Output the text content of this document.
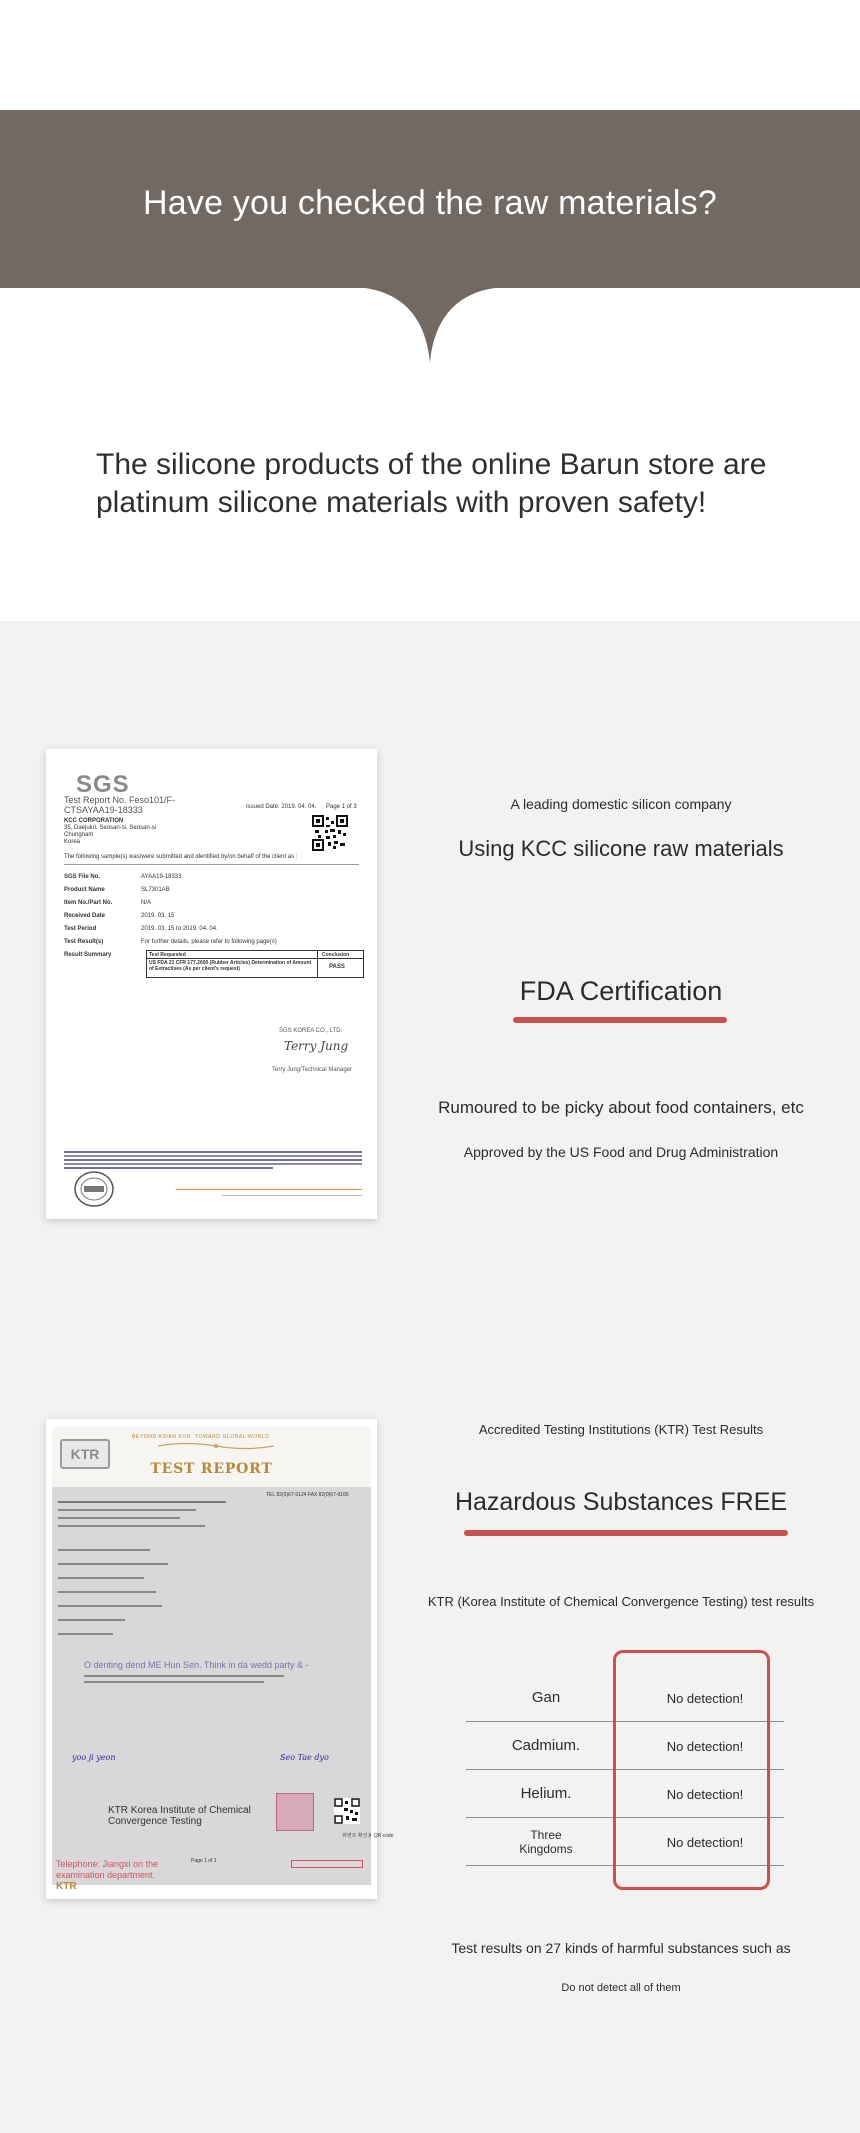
Have you checked the raw materials?

The silicone products of the online Barun store are platinum silicone materials with proven safety!

SGS
Test Report No. Feso101/F-CTSAYAA19-18333	Issued Date: 2019. 04. 04. Page 1 of 3
KCC CORPORATION
35, Daejukri, Seosan-si, Seosan-si
Chungnam
Korea
The following sample(s) was/were submitted and identified by/on behalf of the client as :
SGS File No.	AYAA19-18333
Product Name	SL7301AB
Item No./Part No.	N/A
Received Date	2019. 03. 15
Test Period	2019. 03. 15 to 2019. 04. 04.
Test Result(s)	For further details, please refer to following page(s)
Result Summary	Test Requested	Conclusion
US FDA 21 CFR 177.2600 (Rubber Articles) Determination of Amount of Extractives (As per client's request)	PASS
SGS KOREA CO., LTD.
Terry Jung
Terry Jung/Technical Manager
A leading domestic silicon company
Using KCC silicone raw materials
FDA Certification
Rumoured to be picky about food containers, etc
Approved by the US Food and Drug Administration
KTR
BEYOND ASIAN KOR. TOWARD GLOBAL WORLD
TEST REPORT
TEL 82(0)67-9124 FAX 82(0)67-9166
O denting dend ME Hun Sen. Think in da wedd party & -
yoo ji yeon	Seo Tae dyo
KTR Korea Institute of Chemical Convergence Testing
위변조 확인용 QR code
Page 1 of 1
Telephone: Jiangxi on the examination department.
KTR
Accredited Testing Institutions (KTR) Test Results
Hazardous Substances FREE
KTR (Korea Institute of Chemical Convergence Testing) test results
Gan	No detection!
Cadmium.	No detection!
Helium.	No detection!
Three Kingdoms	No detection!
Test results on 27 kinds of harmful substances such as
Do not detect all of them
